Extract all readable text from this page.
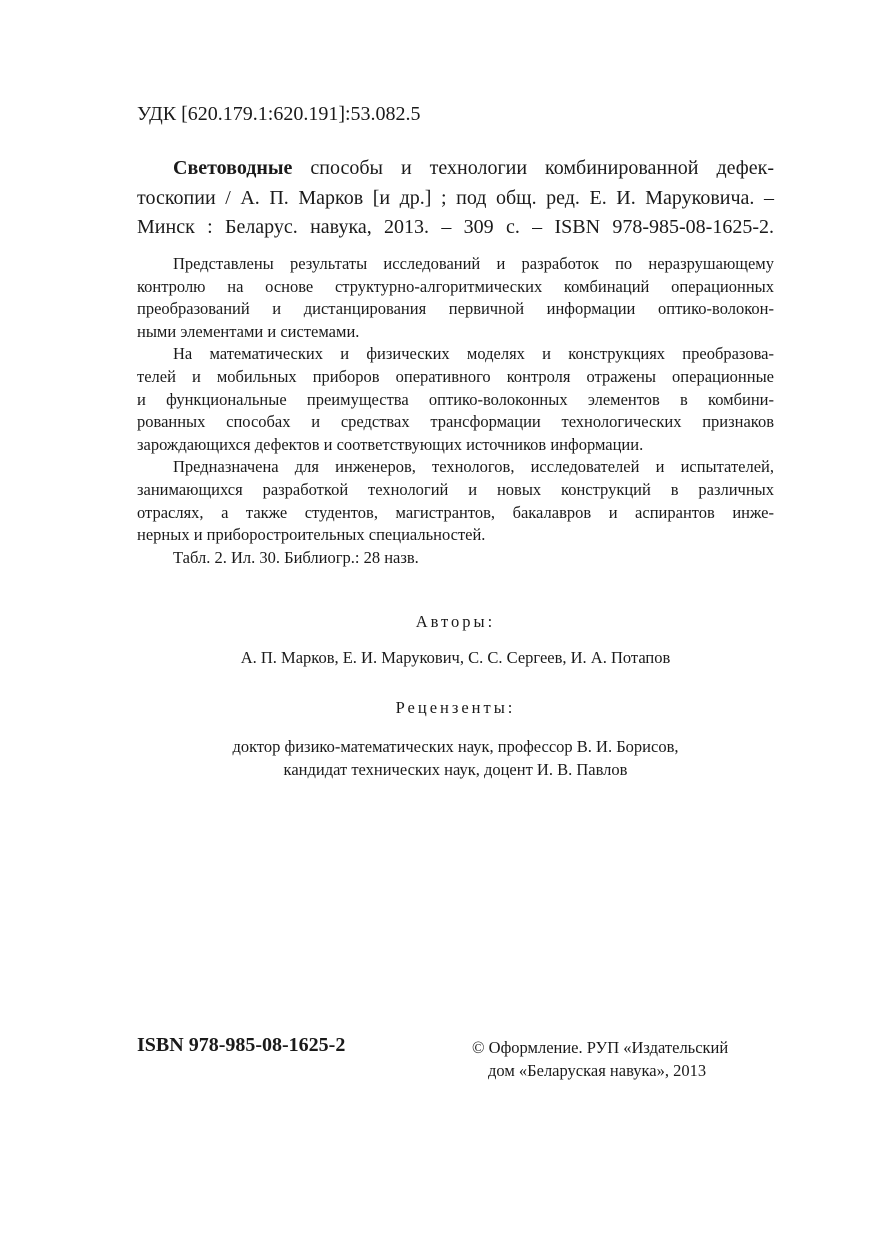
УДК [620.179.1:620.191]:53.082.5
Световодные способы и технологии комбинированной дефек-
тоскопии / А. П. Марков [и др.] ; под общ. ред. Е. И. Маруковича. –
Минск : Беларус. навука, 2013. – 309 с. – ISBN 978-985-08-1625-2.
Представлены результаты исследований и разработок по неразрушающему
контролю на основе структурно-алгоритмических комбинаций операционных
преобразований и дистанцирования первичной информации оптико-волокон-
ными элементами и системами.
На математических и физических моделях и конструкциях преобразова-
телей и мобильных приборов оперативного контроля отражены операционные
и функциональные преимущества оптико-волоконных элементов в комбини-
рованных способах и средствах трансформации технологических признаков
зарождающихся дефектов и соответствующих источников информации.
Предназначена для инженеров, технологов, исследователей и испытателей,
занимающихся разработкой технологий и новых конструкций в различных
отраслях, а также студентов, магистрантов, бакалавров и аспирантов инже-
нерных и приборостроительных специальностей.
Табл. 2. Ил. 30. Библиогр.: 28 назв.
Авторы:
А. П. Марков, Е. И. Марукович, С. С. Сергеев, И. А. Потапов
Рецензенты:
доктор физико-математических наук, профессор В. И. Борисов,
кандидат технических наук, доцент И. В. Павлов
ISBN 978-985-08-1625-2	© Оформление. РУП «Издательский
дом «Беларуская навука», 2013
